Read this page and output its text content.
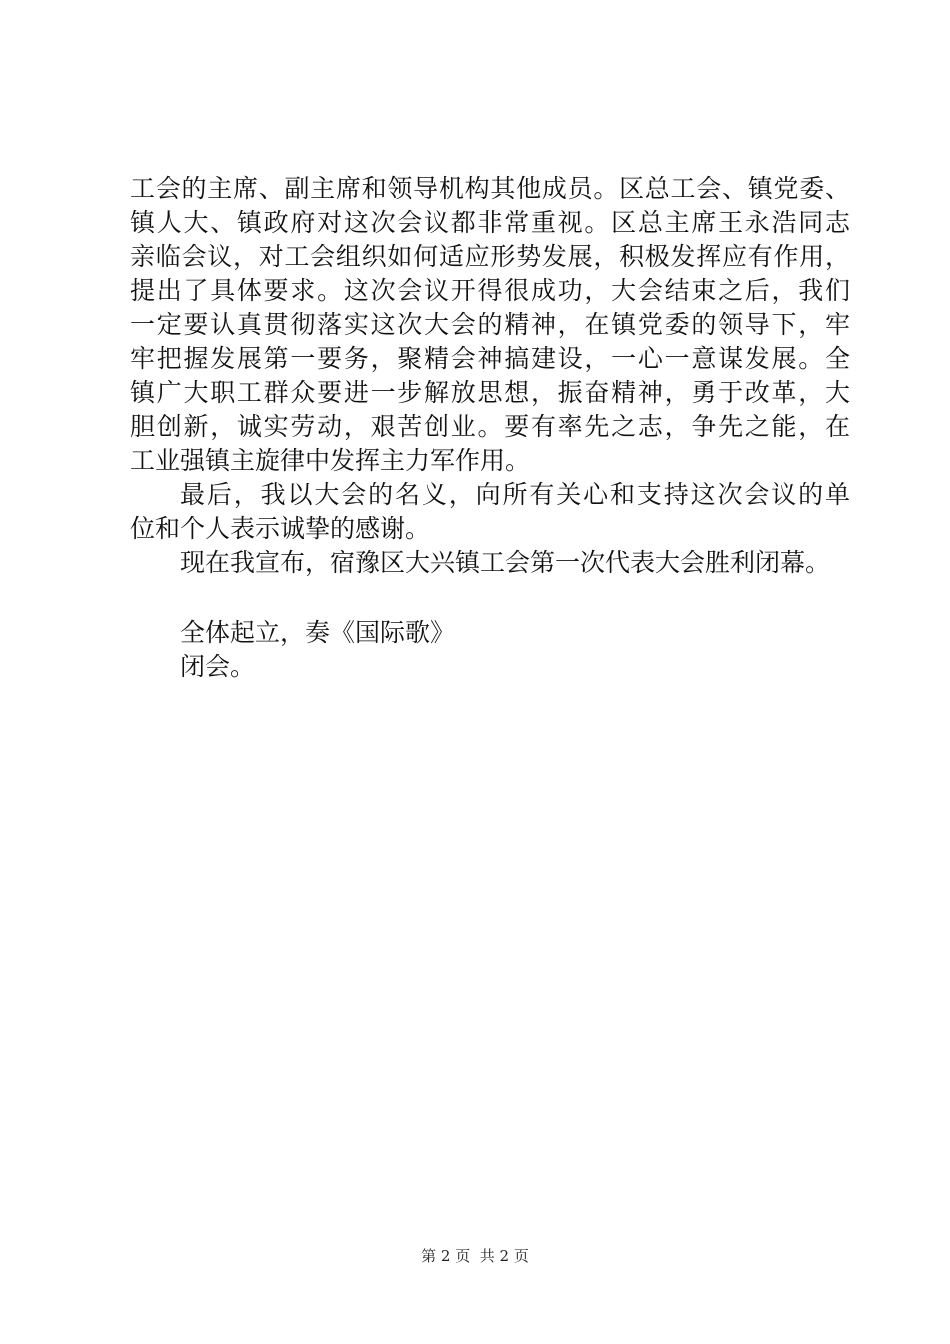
工会的主席、副主席和领导机构其他成员。区总工会、镇党委、
镇人大、镇政府对这次会议都非常重视。区总主席王永浩同志
亲临会议，对工会组织如何适应形势发展，积极发挥应有作用，
提出了具体要求。这次会议开得很成功，大会结束之后，我们
一定要认真贯彻落实这次大会的精神，在镇党委的领导下，牢
牢把握发展第一要务，聚精会神搞建设，一心一意谋发展。全
镇广大职工群众要进一步解放思想，振奋精神，勇于改革，大
胆创新，诚实劳动，艰苦创业。要有率先之志，争先之能，在
工业强镇主旋律中发挥主力军作用。
最后，我以大会的名义，向所有关心和支持这次会议的单
位和个人表示诚挚的感谢。
现在我宣布，宿豫区大兴镇工会第一次代表大会胜利闭幕。
全体起立，奏《国际歌》
闭会。
第 2 页  共 2 页
